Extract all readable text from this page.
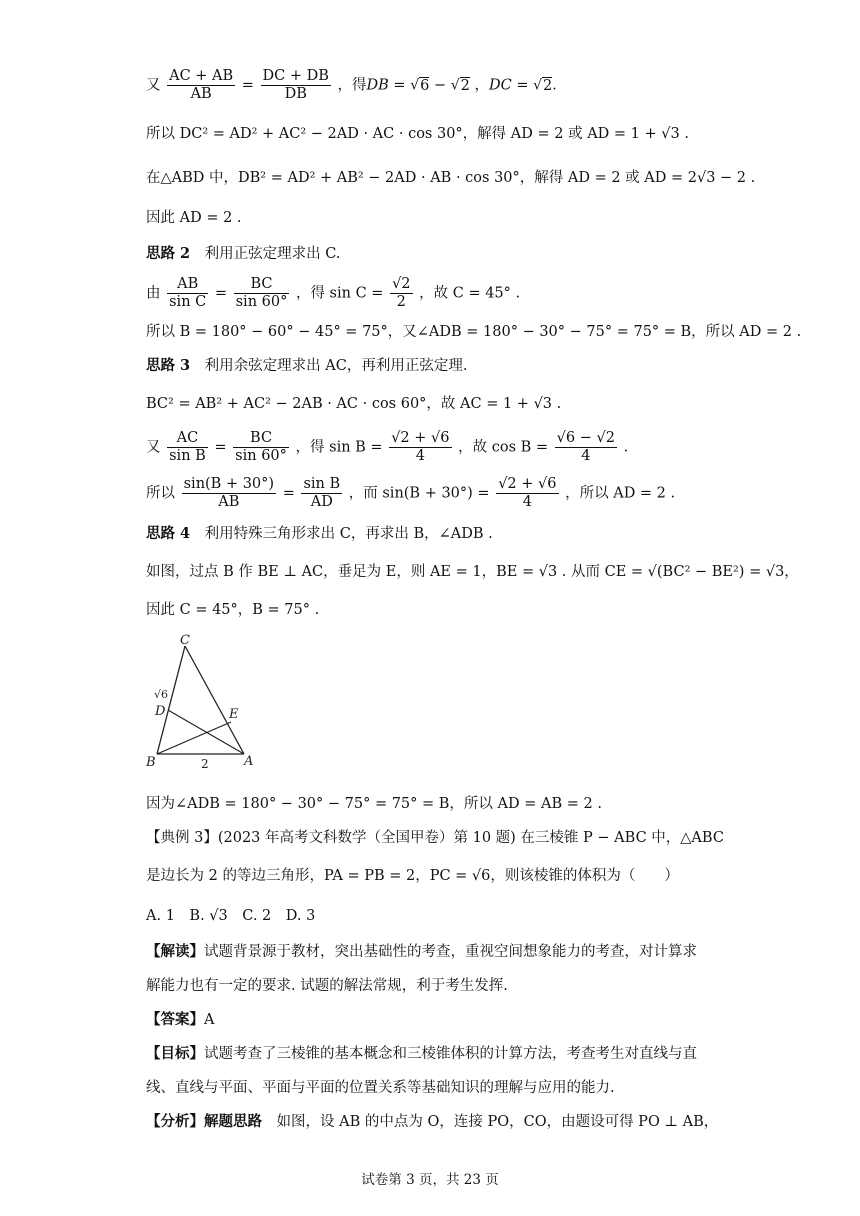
又 $\frac{AC + AB}{AB} = \frac{DC + DB}{DB}$ ，得DB = √6 − √2 ，DC = √2.
所以 DC² = AD² + AC² − 2AD · AC · cos 30°，解得 AD = 2 或 AD = 1 + √3 .
在△ABD 中，DB² = AD² + AB² − 2AD · AB · cos 30°，解得 AD = 2 或 AD = 2√3 − 2 .
因此 AD = 2 .
思路 2　 利用正弦定理求出 C.
由 $\frac{AB}{\text{sin C}} = \frac{BC}{\sin 60^\circ}$ ，得 $\sin C = \frac{√2}{2}$ ，故 C = 45° .
所以 B = 180° − 60° − 45° = 75°，又∠ADB = 180° − 30° − 75° = 75° = B，所以 AD = 2 .
思路 3　 利用余弦定理求出 AC，再利用正弦定理.
BC² = AB² + AC² − 2AB · AC · cos 60°，故 AC = 1 + √3 .
又 $\frac{AC}{\text{sin B}} = \frac{BC}{\sin 60^\circ}$ ，得 $\sin B = \frac{√2 + √6}{4}$ ，故 $\cos B = \frac{√6 - √2}{4}$ .
所以 $\frac{\sin(B + 30^\circ)}{AB} = \frac{\text{sin B}}{AD}$ ，而 $\sin(B + 30^\circ) = \frac{√2 + √6}{4}$ ，所以 AD = 2 .
思路 4　 利用特殊三角形求出 C，再求出 B，∠ADB .
如图，过点 B 作 BE ⊥ AC，垂足为 E，则 AE = 1，BE = √3 . 从而 CE = √(BC² − BE²) = √3，
因此 C = 45°，B = 75° .
C
√6
D	E
B	2	A
因为∠ADB = 180° − 30° − 75° = 75° = B，所以 AD = AB = 2 .
【典例 3】(2023 年高考文科数学（全国甲卷）第 10 题) 在三棱锥 P − ABC 中，△ABC
是边长为 2 的等边三角形，PA = PB = 2，PC = √6，则该棱锥的体积为（　　）
A. 1　B. √3　C. 2　D. 3
【解读】试题背景源于教材，突出基础性的考查，重视空间想象能力的考查，对计算求
解能力也有一定的要求. 试题的解法常规，利于考生发挥.
【答案】A
【目标】试题考查了三棱锥的基本概念和三棱锥体积的计算方法，考查考生对直线与直
线、直线与平面、平面与平面的位置关系等基础知识的理解与应用的能力.
【分析】解题思路　如图，设 AB 的中点为 O，连接 PO，CO，由题设可得 PO ⊥ AB，
试卷第 3 页，共 23 页
